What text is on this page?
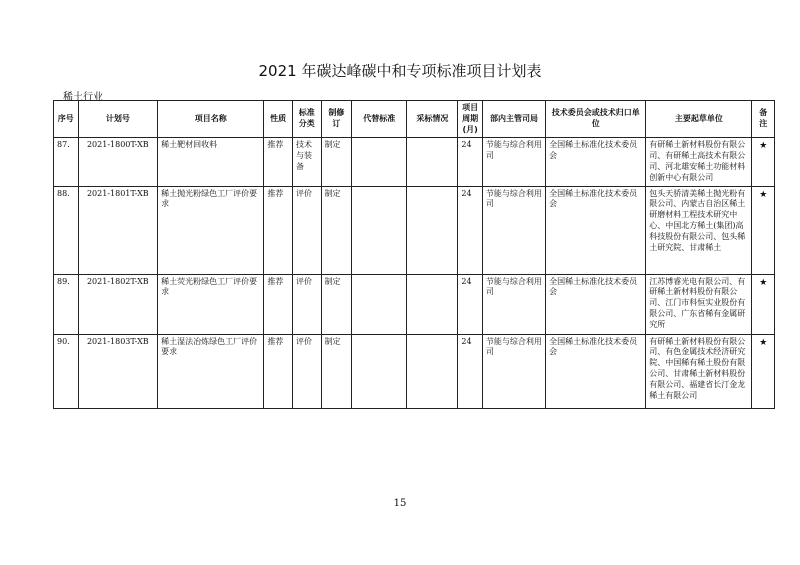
2021 年碳达峰碳中和专项标准项目计划表
稀土行业
序号	计划号	项目名称	性质	标准分类	制修订	代替标准	采标情况	项目周期(月)	部内主管司局	技术委员会或技术归口单位	主要起草单位	备注
87.	2021-1800T-XB	稀土靶材回收料	推荐	技术与装备	制定			24	节能与综合利用司	全国稀土标准化技术委员会	有研稀土新材料股份有限公司、有研稀土高技术有限公司、河北雄安稀土功能材料创新中心有限公司	★
88.	2021-1801T-XB	稀土抛光粉绿色工厂评价要求	推荐	评价	制定			24	节能与综合利用司	全国稀土标准化技术委员会	包头天骄清美稀土抛光粉有限公司、内蒙古自治区稀土研磨材料工程技术研究中心、中国北方稀土(集团)高科技股份有限公司、包头稀土研究院、甘肃稀土	★
89.	2021-1802T-XB	稀土荧光粉绿色工厂评价要求	推荐	评价	制定			24	节能与综合利用司	全国稀土标准化技术委员会	江苏博睿光电有限公司、有研稀土新材料股份有限公司、江门市科恒实业股份有限公司、广东省稀有金属研究所	★
90.	2021-1803T-XB	稀土湿法冶炼绿色工厂评价要求	推荐	评价	制定			24	节能与综合利用司	全国稀土标准化技术委员会	有研稀土新材料股份有限公司、有色金属技术经济研究院、中国稀有稀土股份有限公司、甘肃稀土新材料股份有限公司、福建省长汀金龙稀土有限公司	★
15
